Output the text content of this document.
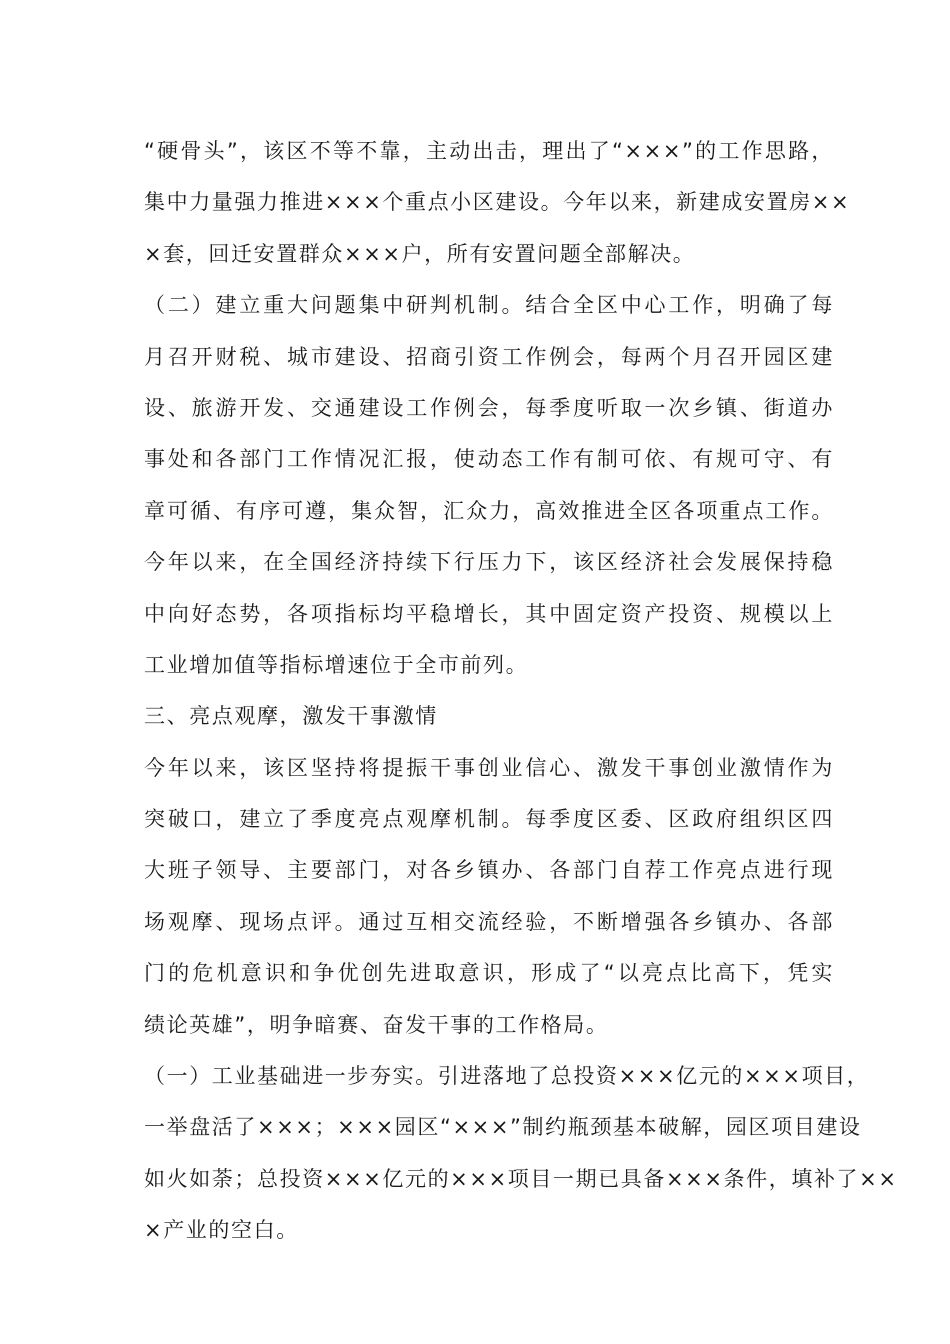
“硬骨头”，该区不等不靠，主动出击，理出了“×××”的工作思路，
集中力量强力推进×××个重点小区建设。今年以来，新建成安置房××
×套，回迁安置群众×××户，所有安置问题全部解决。
（二）建立重大问题集中研判机制。结合全区中心工作，明确了每
月召开财税、城市建设、招商引资工作例会，每两个月召开园区建
设、旅游开发、交通建设工作例会，每季度听取一次乡镇、街道办
事处和各部门工作情况汇报，使动态工作有制可依、有规可守、有
章可循、有序可遵，集众智，汇众力，高效推进全区各项重点工作。
今年以来，在全国经济持续下行压力下，该区经济社会发展保持稳
中向好态势，各项指标均平稳增长，其中固定资产投资、规模以上
工业增加值等指标增速位于全市前列。
三、亮点观摩，激发干事激情
今年以来，该区坚持将提振干事创业信心、激发干事创业激情作为
突破口，建立了季度亮点观摩机制。每季度区委、区政府组织区四
大班子领导、主要部门，对各乡镇办、各部门自荐工作亮点进行现
场观摩、现场点评。通过互相交流经验，不断增强各乡镇办、各部
门的危机意识和争优创先进取意识，形成了“以亮点比高下，凭实
绩论英雄”，明争暗赛、奋发干事的工作格局。
（一）工业基础进一步夯实。引进落地了总投资×××亿元的×××项目，
一举盘活了×××；×××园区“×××”制约瓶颈基本破解，园区项目建设
如火如荼；总投资×××亿元的×××项目一期已具备×××条件，填补了××
×产业的空白。
